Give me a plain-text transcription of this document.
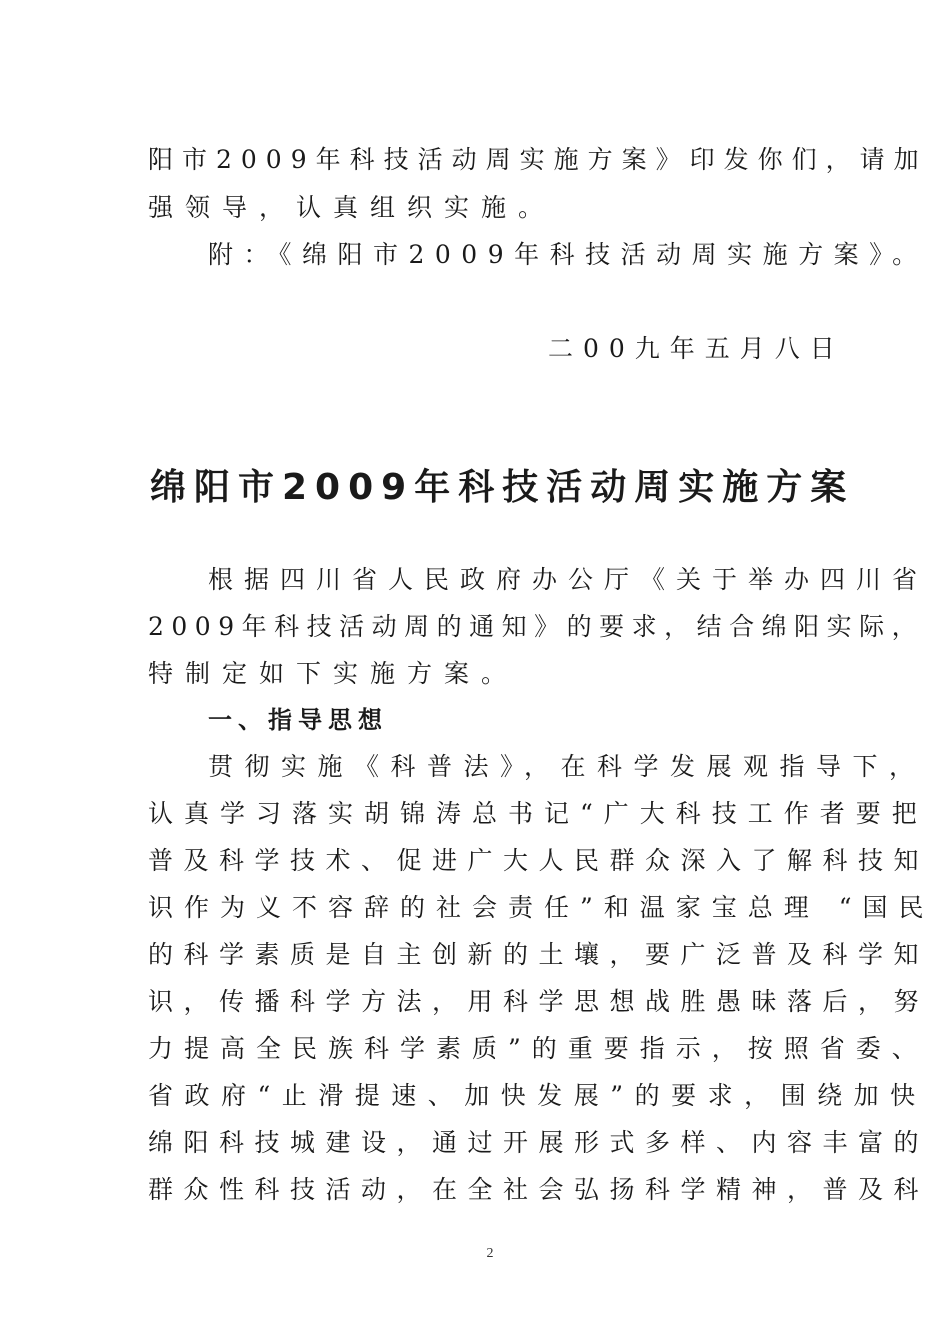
阳市2009年科技活动周实施方案》印发你们，请加
强领导，认真组织实施。
附：《绵阳市2009年科技活动周实施方案》。
二00九年五月八日
绵阳市2009年科技活动周实施方案
根据四川省人民政府办公厅《关于举办四川省
2009年科技活动周的通知》的要求，结合绵阳实际，
特制定如下实施方案。
一、指导思想
贯彻实施《科普法》，在科学发展观指导下，
认真学习落实胡锦涛总书记“广大科技工作者要把
普及科学技术、促进广大人民群众深入了解科技知
识作为义不容辞的社会责任”和温家宝总理 “国民
的科学素质是自主创新的土壤，要广泛普及科学知
识，传播科学方法，用科学思想战胜愚昧落后，努
力提高全民族科学素质”的重要指示，按照省委、
省政府“止滑提速、加快发展”的要求，围绕加快
绵阳科技城建设，通过开展形式多样、内容丰富的
群众性科技活动，在全社会弘扬科学精神，普及科
2
